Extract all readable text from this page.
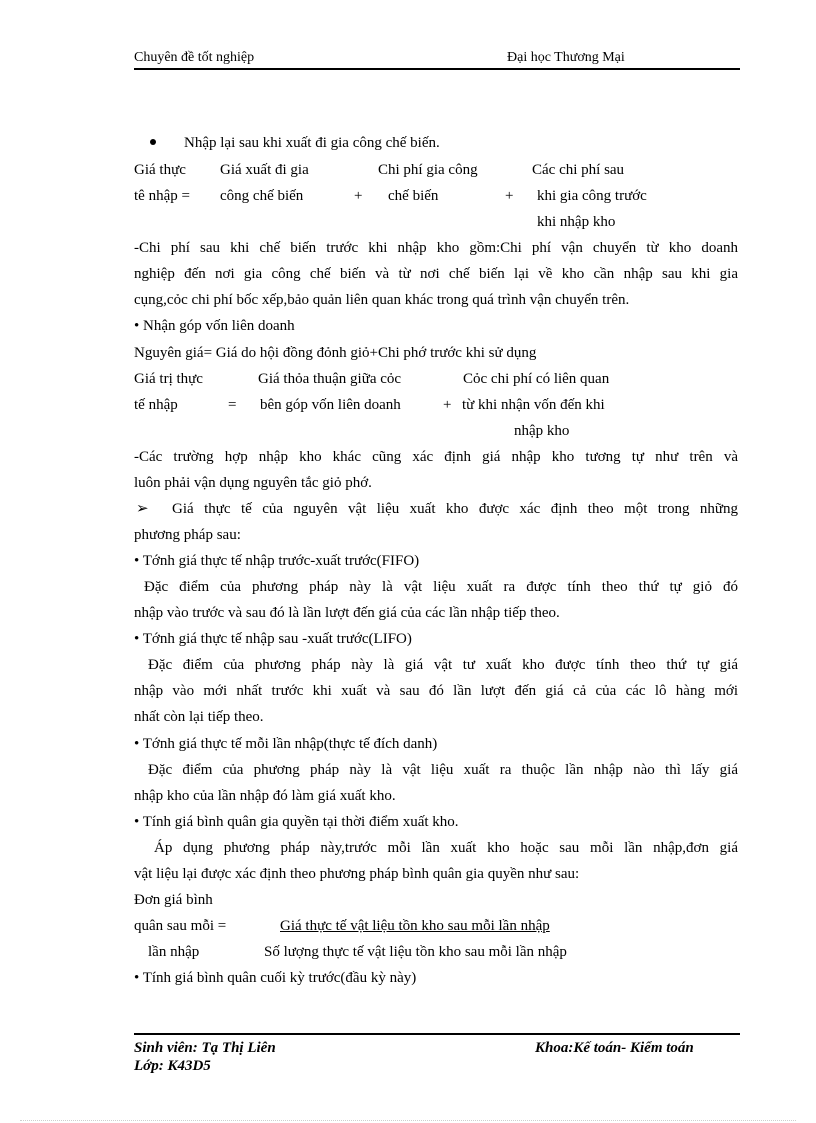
Chuyên đề tốt nghiệp	Đại học Thương Mại
Nhập lại sau khi xuất đi gia công chế biến.
Giá thực Giá xuất đi gia	Chi phí gia công	Các chi phí sau
tê nhập = công chế biến	+ chế biến	+ khi gia công trước
khi nhập kho
-Chi phí sau khi chế biến trước khi nhập kho gồm:Chi phí vận chuyển từ kho doanh
nghiệp đến nơi gia công chế biến và từ nơi chế biến lại về kho cần nhập sau khi gia
cụng,cỏc chi phí bốc xếp,bảo quản liên quan khác trong quá trình vận chuyển trên.
• Nhận góp vốn liên doanh
Nguyên giá= Giá do hội đồng đỏnh giỏ+Chi phớ trước khi sử dụng
Giá trị thực	Giá thỏa thuận giữa cỏc	Cỏc chi phí có liên quan
tế nhập	= bên góp vốn liên doanh	+ từ khi nhận vốn đến khi
nhập kho
-Các trường hợp nhập kho khác cũng xác định giá nhập kho tương tự như trên và
luôn phải vận dụng nguyên tắc giỏ phớ.
➢ Giá thực tế của nguyên vật liệu xuất kho được xác định theo một trong những
phương pháp sau:
• Tớnh giá thực tế nhập trước-xuất trước(FIFO)
Đặc điểm của phương pháp này là vật liệu xuất ra được tính theo thứ tự giỏ đó
nhập vào trước và sau đó là lần lượt đến giá của các lần nhập tiếp theo.
• Tớnh giá thực tế nhập sau -xuất trước(LIFO)
Đặc điểm của phương pháp này là giá vật tư xuất kho được tính theo thứ tự giá
nhập vào mới nhất trước khi xuất và sau đó lần lượt đến giá cả của các lô hàng mới
nhất còn lại tiếp theo.
• Tớnh giá thực tế mỗi lần nhập(thực tế đích danh)
Đặc điểm của phương pháp này là vật liệu xuất ra thuộc lần nhập nào thì lấy giá
nhập kho của lần nhập đó làm giá xuất kho.
• Tính giá bình quân gia quyền tại thời điểm xuất kho.
Áp dụng phương pháp này,trước mỗi lần xuất kho hoặc sau mỗi lần nhập,đơn giá
vật liệu lại được xác định theo phương pháp bình quân gia quyền như sau:
Đơn giá bình
quân sau mỗi =	Giá thực tế vật liệu tồn kho sau mỗi lần nhập
lần nhập	Số lượng thực tế vật liệu tồn kho sau mỗi lần nhập
• Tính giá bình quân cuối kỳ trước(đầu kỳ này)
Sinh viên: Tạ Thị Liên
Lớp: K43D5
Khoa:Kế toán- Kiểm toán
